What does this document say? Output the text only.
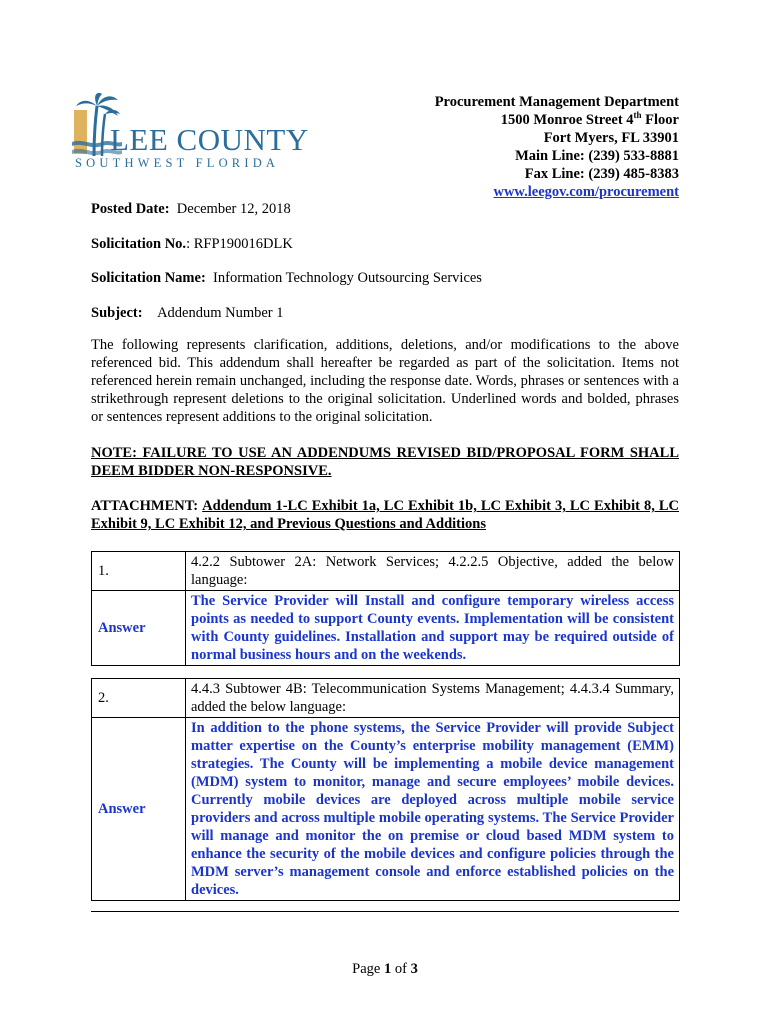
LEE COUNTY
SOUTHWEST FLORIDA
Procurement Management Department
1500 Monroe Street 4th Floor
Fort Myers, FL 33901
Main Line: (239) 533-8881
Fax Line: (239) 485-8383
www.leegov.com/procurement
Posted Date: December 12, 2018
Solicitation No.: RFP190016DLK
Solicitation Name: Information Technology Outsourcing Services
Subject: Addendum Number 1
The following represents clarification, additions, deletions, and/or modifications to the above referenced bid. This addendum shall hereafter be regarded as part of the solicitation. Items not referenced herein remain unchanged, including the response date. Words, phrases or sentences with a strikethrough represent deletions to the original solicitation. Underlined words and bolded, phrases or sentences represent additions to the original solicitation.
NOTE: FAILURE TO USE AN ADDENDUMS REVISED BID/PROPOSAL FORM SHALL DEEM BIDDER NON-RESPONSIVE.
ATTACHMENT: Addendum 1-LC Exhibit 1a, LC Exhibit 1b, LC Exhibit 3, LC Exhibit 8, LC Exhibit 9, LC Exhibit 12, and Previous Questions and Additions
1.	4.2.2 Subtower 2A: Network Services; 4.2.2.5 Objective, added the below language:
Answer	The Service Provider will Install and configure temporary wireless access points as needed to support County events. Implementation will be consistent with County guidelines. Installation and support may be required outside of normal business hours and on the weekends.
2.	4.4.3 Subtower 4B: Telecommunication Systems Management; 4.4.3.4 Summary, added the below language:
Answer	In addition to the phone systems, the Service Provider will provide Subject matter expertise on the County’s enterprise mobility management (EMM) strategies. The County will be implementing a mobile device management (MDM) system to monitor, manage and secure employees’ mobile devices. Currently mobile devices are deployed across multiple mobile service providers and across multiple mobile operating systems. The Service Provider will manage and monitor the on premise or cloud based MDM system to enhance the security of the mobile devices and configure policies through the MDM server’s management console and enforce established policies on the devices.
Page 1 of 3
